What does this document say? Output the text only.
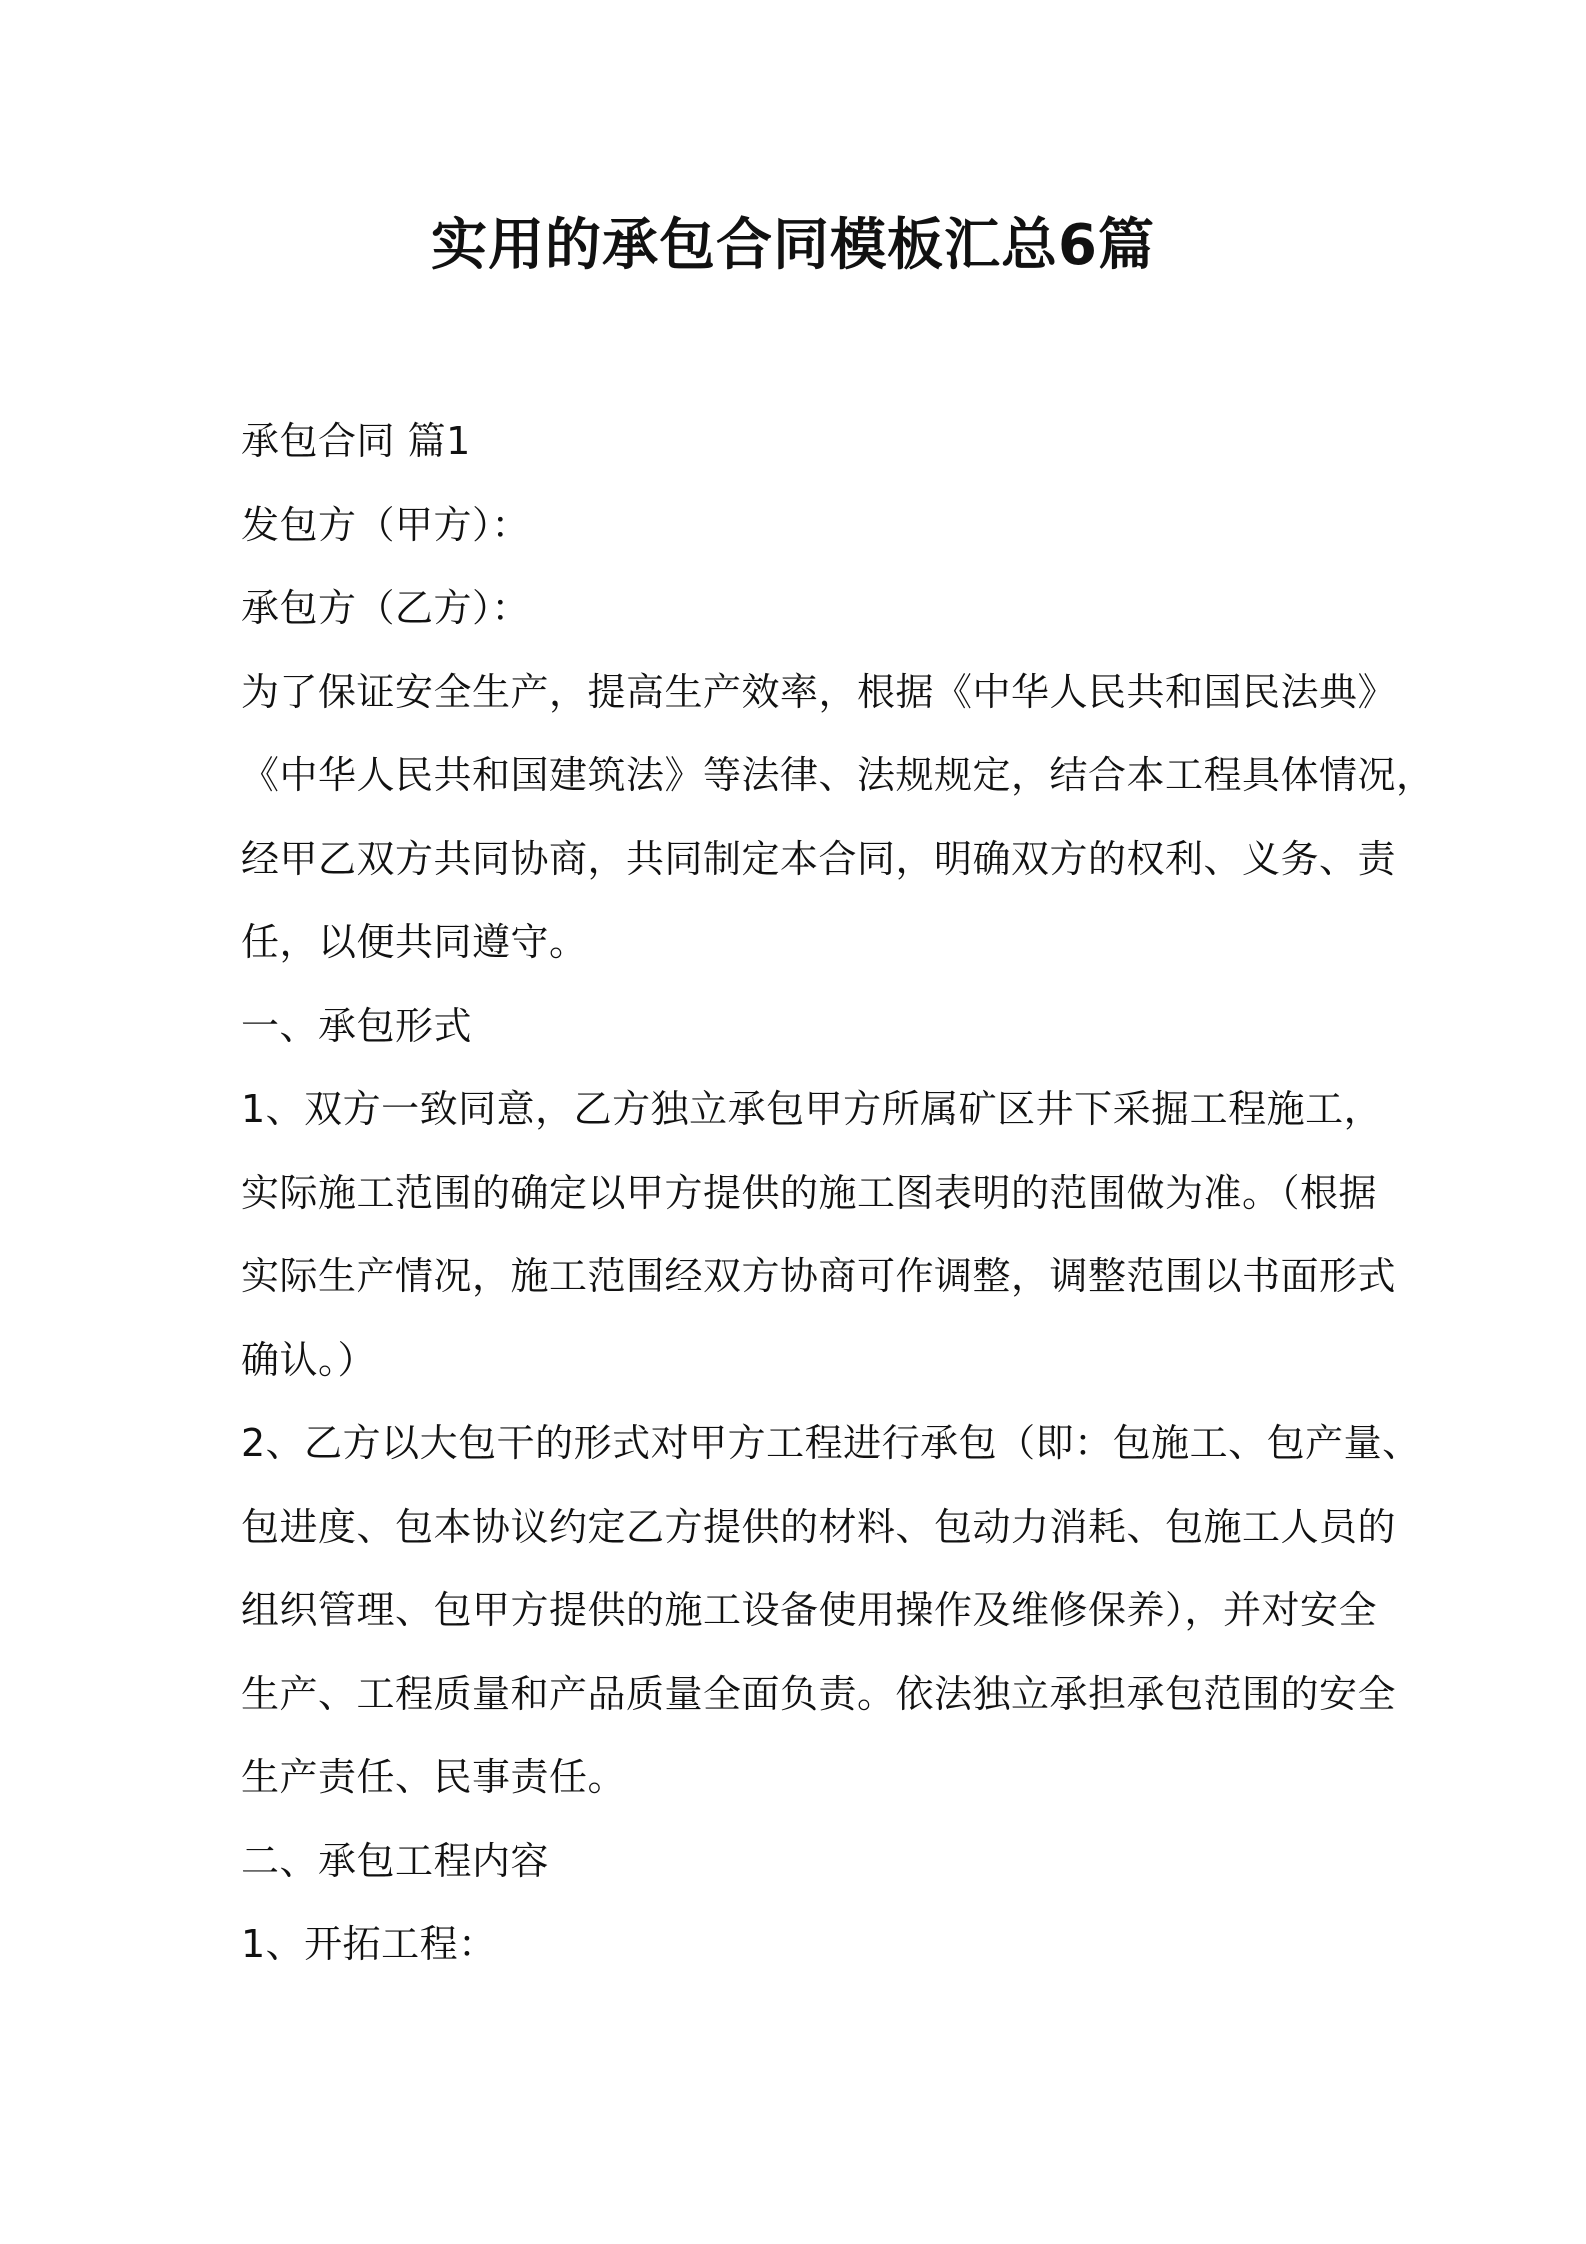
实用的承包合同模板汇总6篇

承包合同 篇1

发包方（甲方）：

承包方（乙方）：

为了保证安全生产，提高生产效率，根据《中华人民共和国民法典》

《中华人民共和国建筑法》等法律、法规规定，结合本工程具体情况，

经甲乙双方共同协商，共同制定本合同，明确双方的权利、义务、责

任，以便共同遵守。

一、承包形式

1、双方一致同意，乙方独立承包甲方所属矿区井下采掘工程施工，

实际施工范围的确定以甲方提供的施工图表明的范围做为准。（根据

实际生产情况，施工范围经双方协商可作调整，调整范围以书面形式

确认。）

2、乙方以大包干的形式对甲方工程进行承包（即：包施工、包产量、

包进度、包本协议约定乙方提供的材料、包动力消耗、包施工人员的

组织管理、包甲方提供的施工设备使用操作及维修保养），并对安全

生产、工程质量和产品质量全面负责。依法独立承担承包范围的安全

生产责任、民事责任。

二、承包工程内容

1、开拓工程：
